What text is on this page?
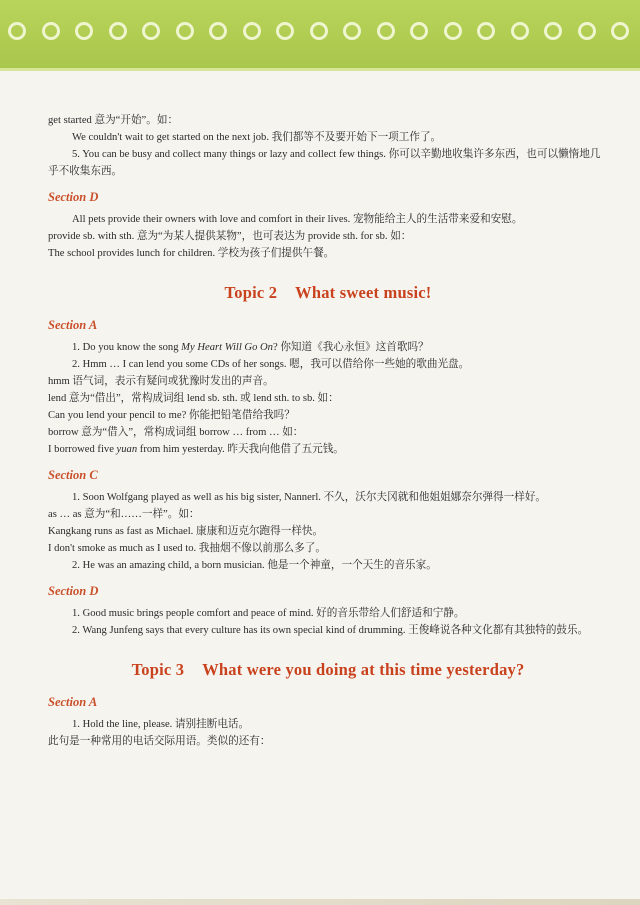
get started 意为“开始”。如：

We couldn't wait to get started on the next job. 我们都等不及要开始下一项工作了。

5. You can be busy and collect many things or lazy and collect few things. 你可以辛勤地收集许多东西，也可以懒惰地几乎不收集东西。

Section D

All pets provide their owners with love and comfort in their lives. 宠物能给主人的生活带来爱和安慰。

provide sb. with sth. 意为“为某人提供某物”，也可表达为 provide sth. for sb. 如：

The school provides lunch for children. 学校为孩子们提供午餐。

Topic 2 What sweet music!

Section A

1. Do you know the song My Heart Will Go On? 你知道《我心永恒》这首歌吗？

2. Hmm … I can lend you some CDs of her songs. 嗯，我可以借给你一些她的歌曲光盘。

hmm 语气词，表示有疑问或犹豫时发出的声音。

lend 意为“借出”，常构成词组 lend sb. sth. 或 lend sth. to sb. 如：

Can you lend your pencil to me? 你能把铅笔借给我吗？

borrow 意为“借入”，常构成词组 borrow … from … 如：

I borrowed five yuan from him yesterday. 昨天我向他借了五元钱。

Section C

1. Soon Wolfgang played as well as his big sister, Nannerl. 不久，沃尔夫冈就和他姐姐娜奈尔弹得一样好。

as … as 意为“和……一样”。如：

Kangkang runs as fast as Michael. 康康和迈克尔跑得一样快。

I don't smoke as much as I used to. 我抽烟不像以前那么多了。

2. He was an amazing child, a born musician. 他是一个神童，一个天生的音乐家。

Section D

1. Good music brings people comfort and peace of mind. 好的音乐带给人们舒适和宁静。

2. Wang Junfeng says that every culture has its own special kind of drumming. 王俊峰说各种文化都有其独特的鼓乐。

Topic 3 What were you doing at this time yesterday?

Section A

1. Hold the line, please. 请别挂断电话。

此句是一种常用的电话交际用语。类似的还有：
